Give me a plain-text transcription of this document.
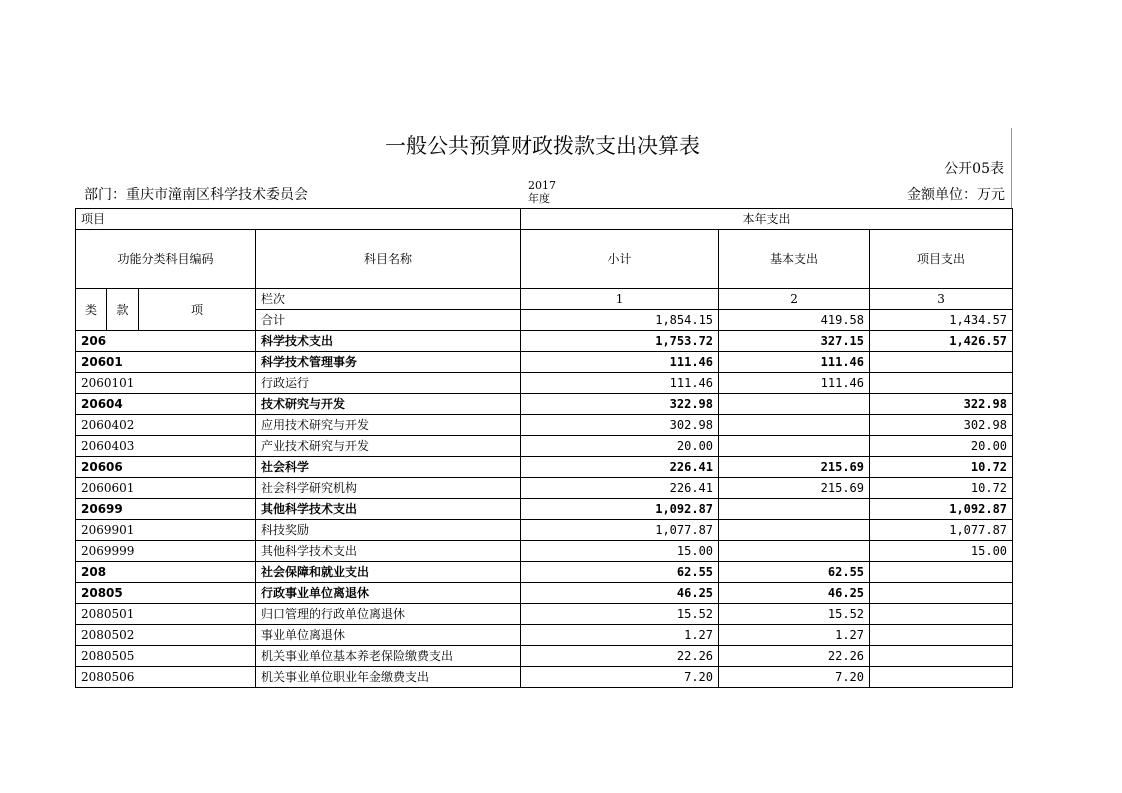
一般公共预算财政拨款支出决算表
公开05表
部门：重庆市潼南区科学技术委员会
2017
年度	金额单位：万元
项目				本年支出		
功能分类科目编码			科目名称	小计	基本支出	项目支出
类	款	项	栏次	1	2	3
			合计	1,854.15	419.58	1,434.57
206			科学技术支出	1,753.72	327.15	1,426.57
20601			科学技术管理事务	111.46	111.46	
2060101			行政运行	111.46	111.46	
20604			技术研究与开发	322.98		322.98
2060402			应用技术研究与开发	302.98		302.98
2060403			产业技术研究与开发	20.00		20.00
20606			社会科学	226.41	215.69	10.72
2060601			社会科学研究机构	226.41	215.69	10.72
20699			其他科学技术支出	1,092.87		1,092.87
2069901			科技奖励	1,077.87		1,077.87
2069999			其他科学技术支出	15.00		15.00
208			社会保障和就业支出	62.55	62.55	
20805			行政事业单位离退休	46.25	46.25	
2080501			归口管理的行政单位离退休	15.52	15.52	
2080502			事业单位离退休	1.27	1.27	
2080505			机关事业单位基本养老保险缴费支出	22.26	22.26	
2080506			机关事业单位职业年金缴费支出	7.20	7.20	
